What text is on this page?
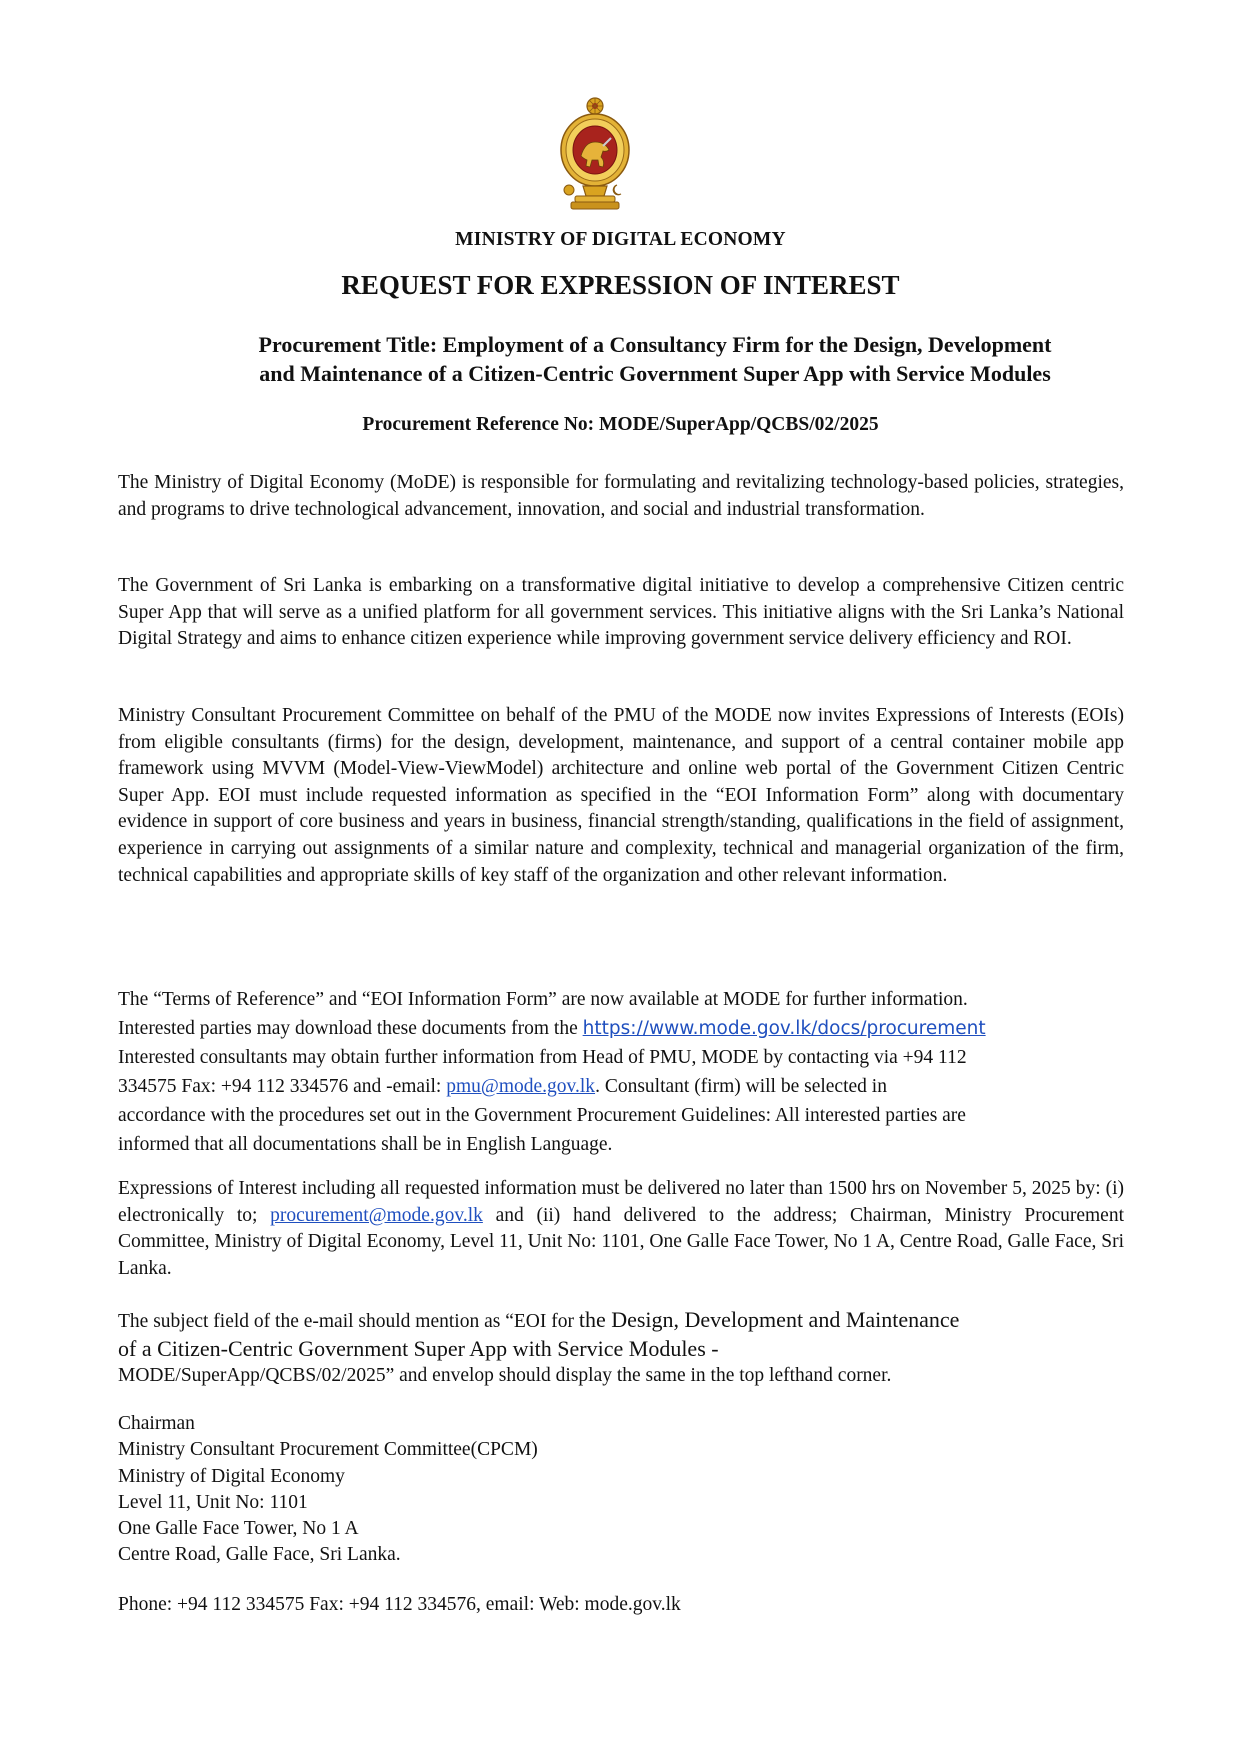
MINISTRY OF DIGITAL ECONOMY
REQUEST FOR EXPRESSION OF INTEREST
Procurement Title: Employment of a Consultancy Firm for the Design, Development
and Maintenance of a Citizen-Centric Government Super App with Service Modules
Procurement Reference No: MODE/SuperApp/QCBS/02/2025

The Ministry of Digital Economy (MoDE) is responsible for formulating and revitalizing technology-based policies, strategies, and programs to drive technological advancement, innovation, and social and industrial transformation.

The Government of Sri Lanka is embarking on a transformative digital initiative to develop a comprehensive Citizen centric Super App that will serve as a unified platform for all government services. This initiative aligns with the Sri Lanka’s National Digital Strategy and aims to enhance citizen experience while improving government service delivery efficiency and ROI.

Ministry Consultant Procurement Committee on behalf of the PMU of the MODE now invites Expressions of Interests (EOIs) from eligible consultants (firms) for the design, development, maintenance, and support of a central container mobile app framework using MVVM (Model-View-ViewModel) architecture and online web portal of the Government Citizen Centric Super App. EOI must include requested information as specified in the “EOI Information Form” along with documentary evidence in support of core business and years in business, financial strength/standing, qualifications in the field of assignment, experience in carrying out assignments of a similar nature and complexity, technical and managerial organization of the firm, technical capabilities and appropriate skills of key staff of the organization and other relevant information.

The “Terms of Reference” and “EOI Information Form” are now available at MODE for further information.
Interested parties may download these documents from the https://www.mode.gov.lk/docs/procurement
Interested consultants may obtain further information from Head of PMU, MODE by contacting via +94 112
334575 Fax: +94 112 334576 and -email: pmu@mode.gov.lk. Consultant (firm) will be selected in
accordance with the procedures set out in the Government Procurement Guidelines: All interested parties are
informed that all documentations shall be in English Language.

Expressions of Interest including all requested information must be delivered no later than 1500 hrs on November 5, 2025 by: (i) electronically to; procurement@mode.gov.lk and (ii) hand delivered to the address; Chairman, Ministry Procurement Committee, Ministry of Digital Economy, Level 11, Unit No: 1101, One Galle Face Tower, No 1 A, Centre Road, Galle Face, Sri Lanka.

The subject field of the e-mail should mention as “EOI for the Design, Development and Maintenance
of a Citizen-Centric Government Super App with Service Modules -
MODE/SuperApp/QCBS/02/2025” and envelop should display the same in the top lefthand corner.
Chairman
Ministry Consultant Procurement Committee(CPCM)
Ministry of Digital Economy
Level 11, Unit No: 1101
One Galle Face Tower, No 1 A
Centre Road, Galle Face, Sri Lanka.
Phone: +94 112 334575 Fax: +94 112 334576, email: Web: mode.gov.lk
